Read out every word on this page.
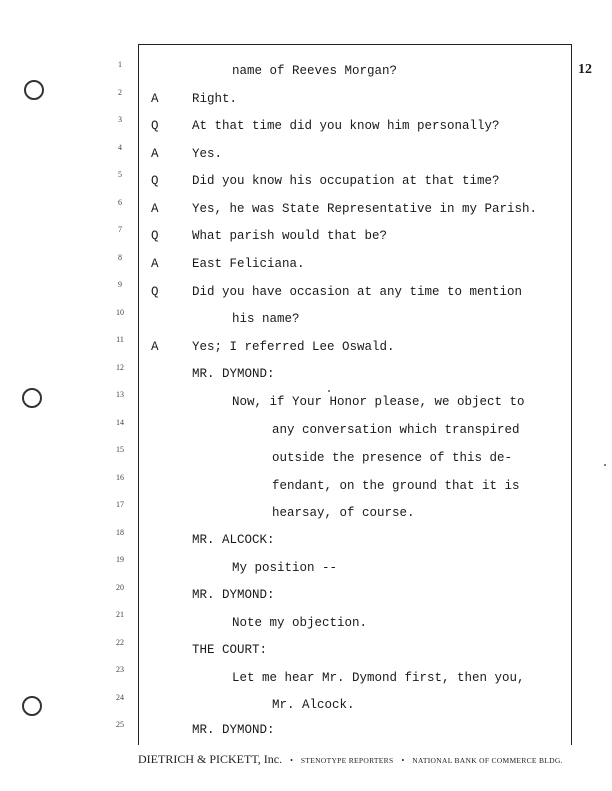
12
1
2
3
4
5
6
7
8
9
10
11
12
13
14
15
16
17
18
19
20
21
22
23
24
25
name of Reeves Morgan?
A	Right.
Q	At that time did you know him personally?
A	Yes.
Q	Did you know his occupation at that time?
A	Yes, he was State Representative in my Parish.
Q	What parish would that be?
A	East Feliciana.
Q	Did you have occasion at any time to mention
his name?
A	Yes; I referred Lee Oswald.
MR. DYMOND:
Now, if Your Honor please, we object to
any conversation which transpired
outside the presence of this de-
fendant, on the ground that it is
hearsay, of course.
MR. ALCOCK:
My position --
MR. DYMOND:
Note my objection.
THE COURT:
Let me hear Mr. Dymond first, then you,
Mr. Alcock.
MR. DYMOND:
DIETRICH & PICKETT, Inc. • STENOTYPE REPORTERS • NATIONAL BANK OF COMMERCE BLDG.
